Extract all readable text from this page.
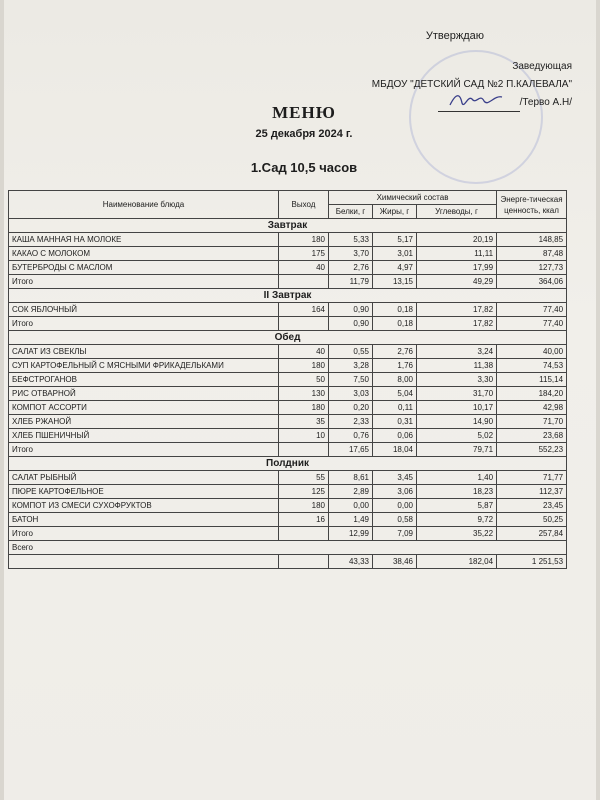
Утверждаю
Заведующая
МБДОУ "ДЕТСКИЙ САД №2 П.КАЛЕВАЛА"
/Терво А.Н/
МЕНЮ
25 декабря 2024 г.
1.Сад 10,5 часов
Наименование блюда	Выход	Химический состав			Энерге-тическая ценность, ккал
		Белки, г	Жиры, г	Углеводы, г	
Завтрак					
КАША МАННАЯ НА МОЛОКЕ	180	5,33	5,17	20,19	148,85
КАКАО С МОЛОКОМ	175	3,70	3,01	11,11	87,48
БУТЕРБРОДЫ С МАСЛОМ	40	2,76	4,97	17,99	127,73
Итого		11,79	13,15	49,29	364,06
II Завтрак					
СОК ЯБЛОЧНЫЙ	164	0,90	0,18	17,82	77,40
Итого		0,90	0,18	17,82	77,40
Обед					
САЛАТ ИЗ СВЕКЛЫ	40	0,55	2,76	3,24	40,00
СУП КАРТОФЕЛЬНЫЙ С МЯСНЫМИ ФРИКАДЕЛЬКАМИ	180	3,28	1,76	11,38	74,53
БЕФСТРОГАНОВ	50	7,50	8,00	3,30	115,14
РИС ОТВАРНОЙ	130	3,03	5,04	31,70	184,20
КОМПОТ АССОРТИ	180	0,20	0,11	10,17	42,98
ХЛЕБ РЖАНОЙ	35	2,33	0,31	14,90	71,70
ХЛЕБ ПШЕНИЧНЫЙ	10	0,76	0,06	5,02	23,68
Итого		17,65	18,04	79,71	552,23
Полдник					
САЛАТ РЫБНЫЙ	55	8,61	3,45	1,40	71,77
ПЮРЕ КАРТОФЕЛЬНОЕ	125	2,89	3,06	18,23	112,37
КОМПОТ ИЗ СМЕСИ СУХОФРУКТОВ	180	0,00	0,00	5,87	23,45
БАТОН	16	1,49	0,58	9,72	50,25
Итого		12,99	7,09	35,22	257,84
Всего					
		43,33	38,46	182,04	1 251,53
